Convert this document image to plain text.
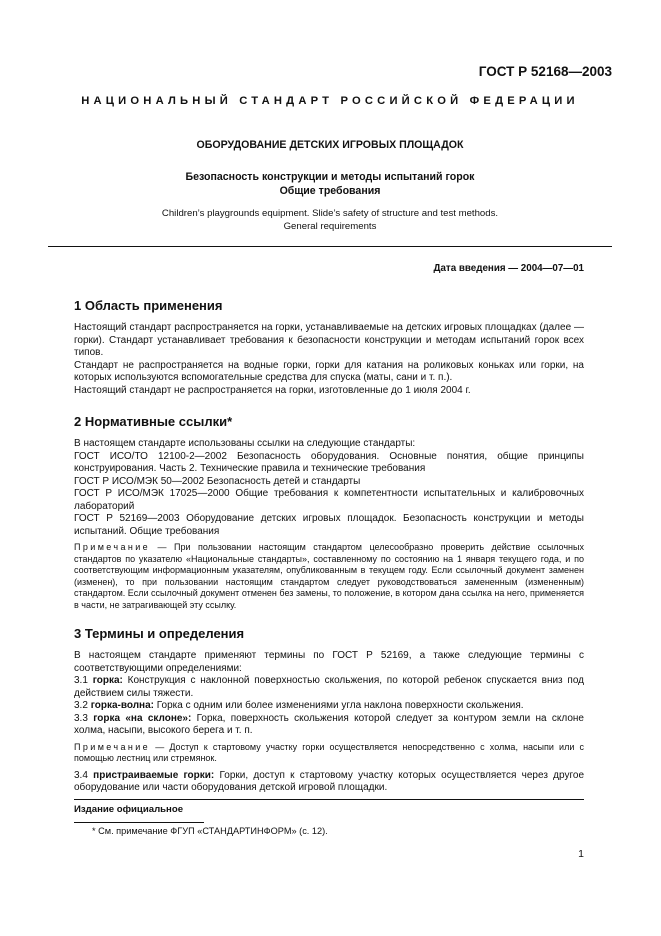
ГОСТ Р 52168—2003
НАЦИОНАЛЬНЫЙ СТАНДАРТ РОССИЙСКОЙ ФЕДЕРАЦИИ
ОБОРУДОВАНИЕ ДЕТСКИХ ИГРОВЫХ ПЛОЩАДОК
Безопасность конструкции и методы испытаний горок
Общие требования
Children’s playgrounds equipment. Slide’s safety of structure and test methods.
General requirements
Дата введения — 2004—07—01
1 Область применения

Настоящий стандарт распространяется на горки, устанавливаемые на детских игровых площадках (далее — горки). Стандарт устанавливает требования к безопасности конструкции и методам испытаний горок всех типов.

Стандарт не распространяется на водные горки, горки для катания на роликовых коньках или горки, на которых используются вспомогательные средства для спуска (маты, сани и т. п.).

Настоящий стандарт не распространяется на горки, изготовленные до 1 июля 2004 г.

2 Нормативные ссылки*

В настоящем стандарте использованы ссылки на следующие стандарты:

ГОСТ ИСО/ТО 12100-2—2002 Безопасность оборудования. Основные понятия, общие принципы конструирования. Часть 2. Технические правила и технические требования

ГОСТ Р ИСО/МЭК 50—2002 Безопасность детей и стандарты

ГОСТ Р ИСО/МЭК 17025—2000 Общие требования к компетентности испытательных и калибровочных лабораторий

ГОСТ Р 52169—2003 Оборудование детских игровых площадок. Безопасность конструкции и методы испытаний. Общие требования

Примечание — При пользовании настоящим стандартом целесообразно проверить действие ссылочных стандартов по указателю «Национальные стандарты», составленному по состоянию на 1 января текущего года, и по соответствующим информационным указателям, опубликованным в текущем году. Если ссылочный документ заменен (изменен), то при пользовании настоящим стандартом следует руководствоваться замененным (измененным) стандартом. Если ссылочный документ отменен без замены, то положение, в котором дана ссылка на него, применяется в части, не затрагивающей эту ссылку.

3 Термины и определения

В настоящем стандарте применяют термины по ГОСТ Р 52169, а также следующие термины с соответствующими определениями:

3.1 горка: Конструкция с наклонной поверхностью скольжения, по которой ребенок спускается вниз под действием силы тяжести.

3.2 горка-волна: Горка с одним или более изменениями угла наклона поверхности скольжения.

3.3 горка «на склоне»: Горка, поверхность скольжения которой следует за контуром земли на склоне холма, насыпи, высокого берега и т. п.

Примечание — Доступ к стартовому участку горки осуществляется непосредственно с холма, насыпи или с помощью лестниц или стремянок.

3.4 пристраиваемые горки: Горки, доступ к стартовому участку которых осуществляется через другое оборудование или части оборудования детской игровой площадки.

Издание официальное
* См. примечание ФГУП «СТАНДАРТИНФОРМ» (с. 12).
1
